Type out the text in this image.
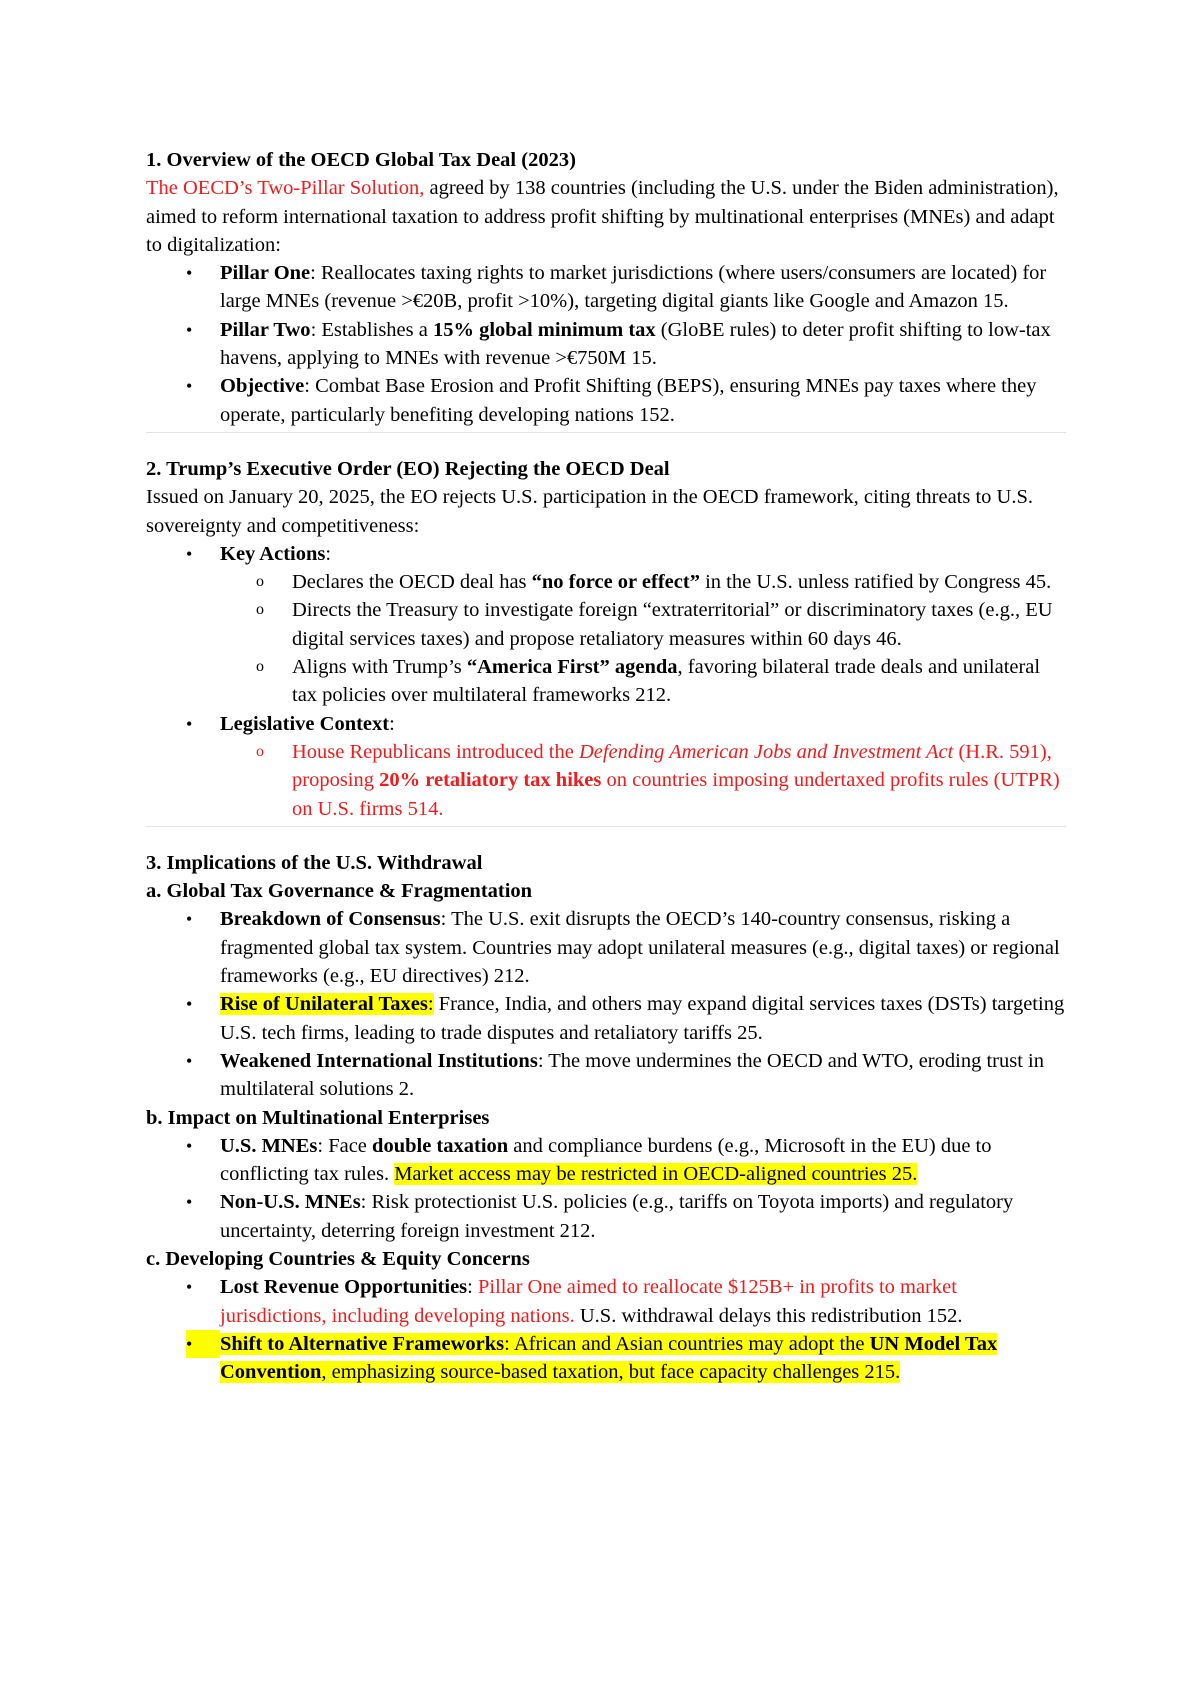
1. Overview of the OECD Global Tax Deal (2023)

The OECD’s Two-Pillar Solution, agreed by 138 countries (including the U.S. under the Biden administration), aimed to reform international taxation to address profit shifting by multinational enterprises (MNEs) and adapt to digitalization:

•	Pillar One: Reallocates taxing rights to market jurisdictions (where users/consumers are located) for large MNEs (revenue >€20B, profit >10%), targeting digital giants like Google and Amazon 15.
•	Pillar Two: Establishes a 15% global minimum tax (GloBE rules) to deter profit shifting to low-tax havens, applying to MNEs with revenue >€750M 15.
•	Objective: Combat Base Erosion and Profit Shifting (BEPS), ensuring MNEs pay taxes where they operate, particularly benefiting developing nations 152.

2. Trump’s Executive Order (EO) Rejecting the OECD Deal

Issued on January 20, 2025, the EO rejects U.S. participation in the OECD framework, citing threats to U.S. sovereignty and competitiveness:

•	Key Actions:
o Declares the OECD deal has “no force or effect” in the U.S. unless ratified by Congress 45.
o Directs the Treasury to investigate foreign “extraterritorial” or discriminatory taxes (e.g., EU digital services taxes) and propose retaliatory measures within 60 days 46.
o Aligns with Trump’s “America First” agenda, favoring bilateral trade deals and unilateral tax policies over multilateral frameworks 212.
•	Legislative Context:
o House Republicans introduced the Defending American Jobs and Investment Act (H.R. 591), proposing 20% retaliatory tax hikes on countries imposing undertaxed profits rules (UTPR) on U.S. firms 514.

3. Implications of the U.S. Withdrawal

a. Global Tax Governance & Fragmentation

•	Breakdown of Consensus: The U.S. exit disrupts the OECD’s 140-country consensus, risking a fragmented global tax system. Countries may adopt unilateral measures (e.g., digital taxes) or regional frameworks (e.g., EU directives) 212.
•	Rise of Unilateral Taxes: France, India, and others may expand digital services taxes (DSTs) targeting U.S. tech firms, leading to trade disputes and retaliatory tariffs 25.
•	Weakened International Institutions: The move undermines the OECD and WTO, eroding trust in multilateral solutions 2.

b. Impact on Multinational Enterprises

•	U.S. MNEs: Face double taxation and compliance burdens (e.g., Microsoft in the EU) due to conflicting tax rules. Market access may be restricted in OECD-aligned countries 25.
•	Non-U.S. MNEs: Risk protectionist U.S. policies (e.g., tariffs on Toyota imports) and regulatory uncertainty, deterring foreign investment 212.

c. Developing Countries & Equity Concerns

•	Lost Revenue Opportunities: Pillar One aimed to reallocate $125B+ in profits to market jurisdictions, including developing nations. U.S. withdrawal delays this redistribution 152.
•	Shift to Alternative Frameworks: African and Asian countries may adopt the UN Model Tax Convention, emphasizing source-based taxation, but face capacity challenges 215.
